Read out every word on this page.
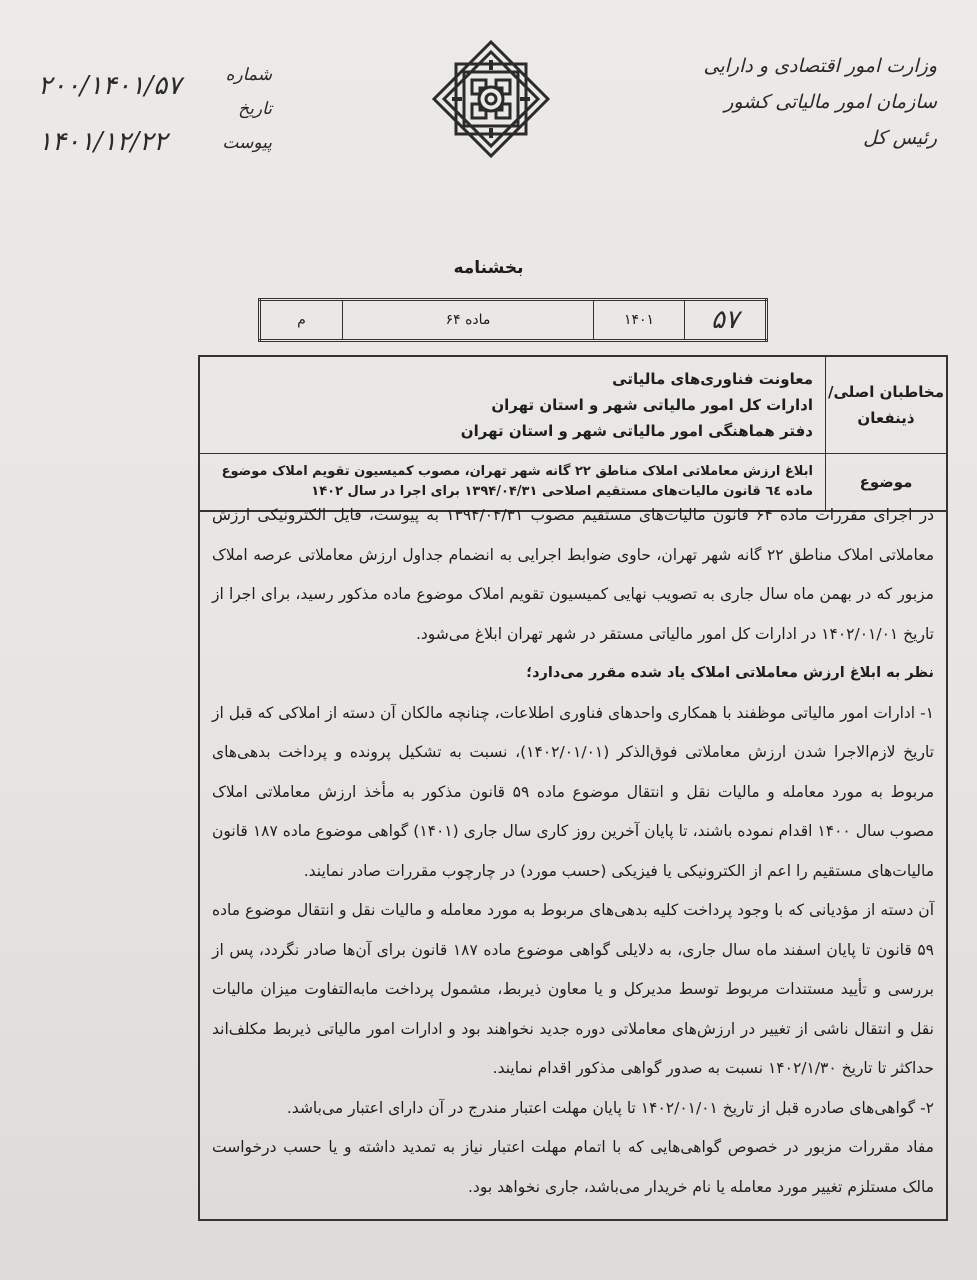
وزارت امور اقتصادی و دارایی
سازمان امور مالیاتی کشور
رئیس کل
شماره
تاریخ
پیوست
۲۰۰/۱۴۰۱/۵۷
۱۴۰۱/۱۲/۲۲
بخشنامه
۵۷	۱۴۰۱	ماده ۶۴	م
مخاطبان اصلی/ ذینفعان	معاونت فناوری‌های مالیاتی
ادارات کل امور مالیاتی شهر و استان تهران
دفتر هماهنگی امور مالیاتی شهر و استان تهران

موضوع	ابلاغ ارزش معاملاتی املاک مناطق ۲۲ گانه شهر تهران، مصوب کمیسیون تقویم املاک موضوع ماده ٦٤ قانون مالیات‌های مستقیم اصلاحی ۱۳۹۴/۰۴/۳۱ برای اجرا در سال ۱۴۰۲

در اجرای مقررات ماده ۶۴ قانون مالیات‌های مستقیم مصوب ۱۳۹۴/۰۴/۳۱ به پیوست، فایل الکترونیکی ارزش معاملاتی املاک مناطق ۲۲ گانه شهر تهران، حاوی ضوابط اجرایی به انضمام جداول ارزش معاملاتی عرصه املاک مزبور که در بهمن ماه سال جاری به تصویب نهایی کمیسیون تقویم املاک موضوع ماده مذکور رسید، برای اجرا از تاریخ ۱۴۰۲/۰۱/۰۱ در ادارات کل امور مالیاتی مستقر در شهر تهران ابلاغ می‌شود.

نظر به ابلاغ ارزش معاملاتی املاک یاد شده مقرر می‌دارد؛

۱- ادارات امور مالیاتی موظفند با همکاری واحدهای فناوری اطلاعات، چنانچه مالکان آن دسته از املاکی که قبل از تاریخ لازم‌الاجرا شدن ارزش معاملاتی فوق‌الذکر (۱۴۰۲/۰۱/۰۱)، نسبت به تشکیل پرونده و پرداخت بدهی‌های مربوط به مورد معامله و مالیات نقل و انتقال موضوع ماده ۵۹ قانون مذکور به مأخذ ارزش معاملاتی املاک مصوب سال ۱۴۰۰ اقدام نموده باشند، تا پایان آخرین روز کاری سال جاری (۱۴۰۱) گواهی موضوع ماده ۱۸۷ قانون مالیات‌های مستقیم را اعم از الکترونیکی یا فیزیکی (حسب مورد) در چارچوب مقررات صادر نمایند.

آن دسته از مؤدیانی که با وجود پرداخت کلیه بدهی‌های مربوط به مورد معامله و مالیات نقل و انتقال موضوع ماده ۵۹ قانون تا پایان اسفند ماه سال جاری، به دلایلی گواهی موضوع ماده ۱۸۷ قانون برای آن‌ها صادر نگردد، پس از بررسی و تأیید مستندات مربوط توسط مدیرکل و یا معاون ذیربط، مشمول پرداخت مابه‌التفاوت میزان مالیات نقل و انتقال ناشی از تغییر در ارزش‌های معاملاتی دوره جدید نخواهند بود و ادارات امور مالیاتی ذیربط مکلف‌اند حداکثر تا تاریخ ۱۴۰۲/۱/۳۰ نسبت به صدور گواهی مذکور اقدام نمایند.

۲- گواهی‌های صادره قبل از تاریخ ۱۴۰۲/۰۱/۰۱ تا پایان مهلت اعتبار مندرج در آن دارای اعتبار می‌باشد.

مفاد مقررات مزبور در خصوص گواهی‌هایی که با اتمام مهلت اعتبار نیاز به تمدید داشته و یا حسب درخواست مالک مستلزم تغییر مورد معامله یا نام خریدار می‌باشد، جاری نخواهد بود.
